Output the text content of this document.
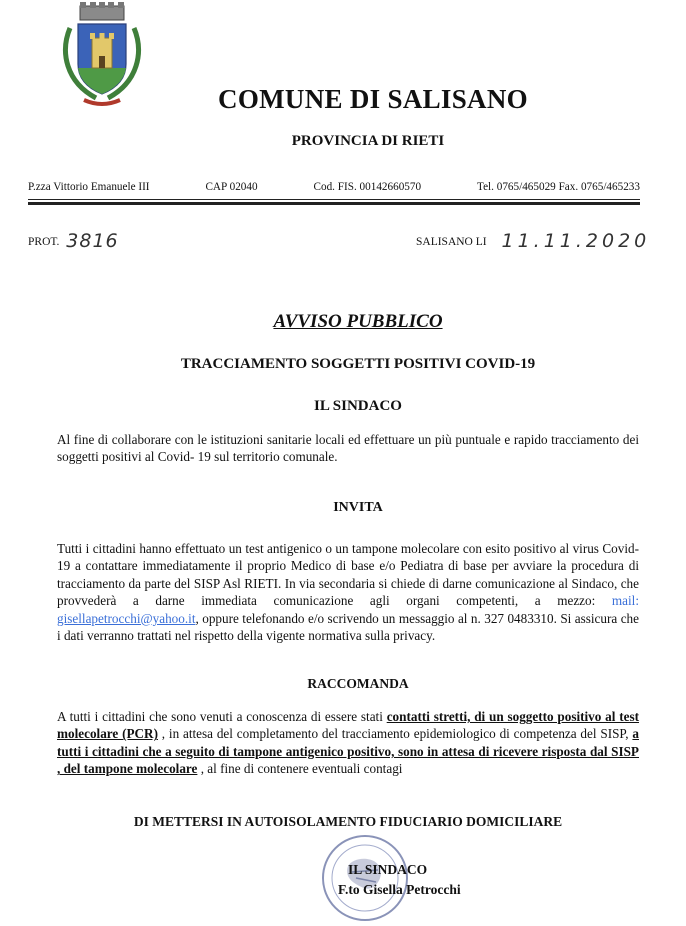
COMUNE DI SALISANO
PROVINCIA DI RIETI
P.zza Vittorio Emanuele III	CAP 02040	Cod. FIS. 00142660570	Tel. 0765/465029 Fax. 0765/465233
PROT. 3816	SALISANO LI 11.11.2020
AVVISO PUBBLICO
TRACCIAMENTO SOGGETTI POSITIVI COVID-19
IL SINDACO
Al fine di collaborare con le istituzioni sanitarie locali ed effettuare un più puntuale e rapido tracciamento dei soggetti positivi al Covid- 19 sul territorio comunale.
INVITA
Tutti i cittadini hanno effettuato un test antigenico o un tampone molecolare con esito positivo al virus Covid-19 a contattare immediatamente il proprio Medico di base e/o Pediatra di base per avviare la procedura di tracciamento da parte del SISP Asl RIETI. In via secondaria si chiede di darne comunicazione al Sindaco, che provvederà a darne immediata comunicazione agli organi competenti, a mezzo: mail: gisellapetrocchi@yahoo.it, oppure telefonando e/o scrivendo un messaggio al n. 327 0483310. Si assicura che i dati verranno trattati nel rispetto della vigente normativa sulla privacy.
RACCOMANDA
A tutti i cittadini che sono venuti a conoscenza di essere stati contatti stretti, di un soggetto positivo al test molecolare (PCR) , in attesa del completamento del tracciamento epidemiologico di competenza del SISP, a tutti i cittadini che a seguito di tampone antigenico positivo, sono in attesa di ricevere risposta dal SISP , del tampone molecolare , al fine di contenere eventuali contagi
DI METTERSI IN AUTOISOLAMENTO FIDUCIARIO DOMICILIARE
IL SINDACO
F.to Gisella Petrocchi
